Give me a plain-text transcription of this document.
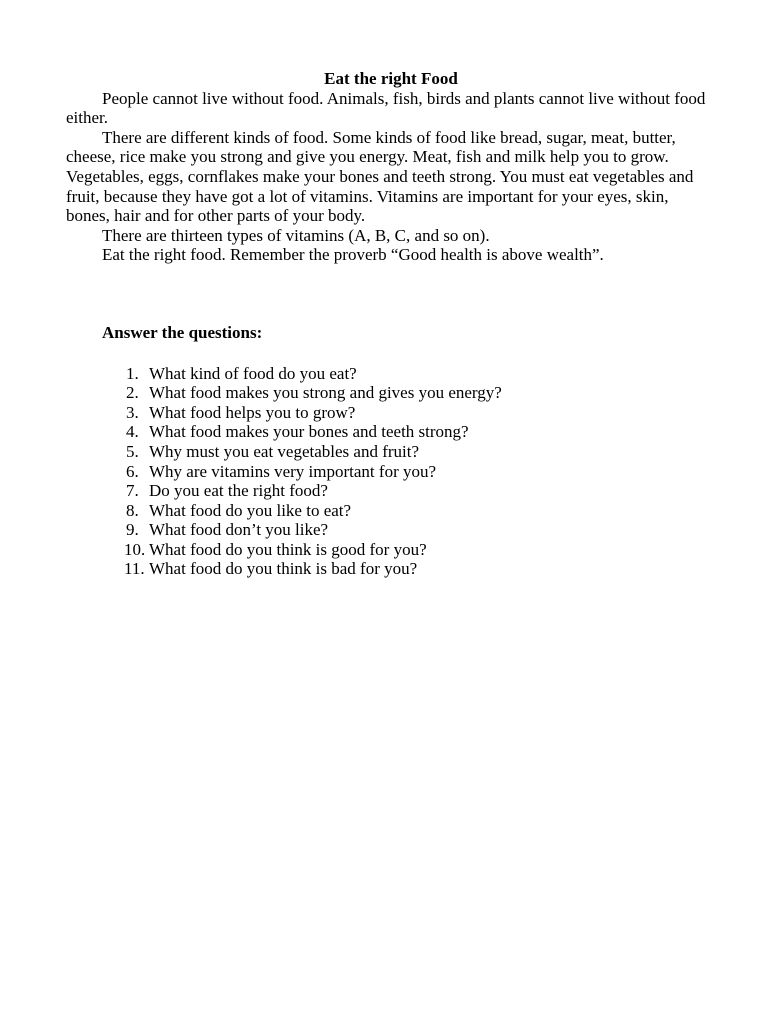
Eat the right Food

People cannot live without food. Animals, fish, birds and plants cannot live without food either.

There are different kinds of food. Some kinds of food like bread, sugar, meat, butter, cheese, rice make you strong and give you energy. Meat, fish and milk help you to grow. Vegetables, eggs, cornflakes make your bones and teeth strong. You must eat vegetables and fruit, because they have got a lot of vitamins. Vitamins are important for your eyes, skin, bones, hair and for other parts of your body.

There are thirteen types of vitamins (A, B, C, and so on).

Eat the right food. Remember the proverb “Good health is above wealth”.

Answer the questions:

1. What kind of food do you eat?
2. What food makes you strong and gives you energy?
3. What food helps you to grow?
4. What food makes your bones and teeth strong?
5. Why must you eat vegetables and fruit?
6. Why are vitamins very important for you?
7. Do you eat the right food?
8. What food do you like to eat?
9. What food don’t you like?
10. What food do you think is good for you?
11. What food do you think is bad for you?
